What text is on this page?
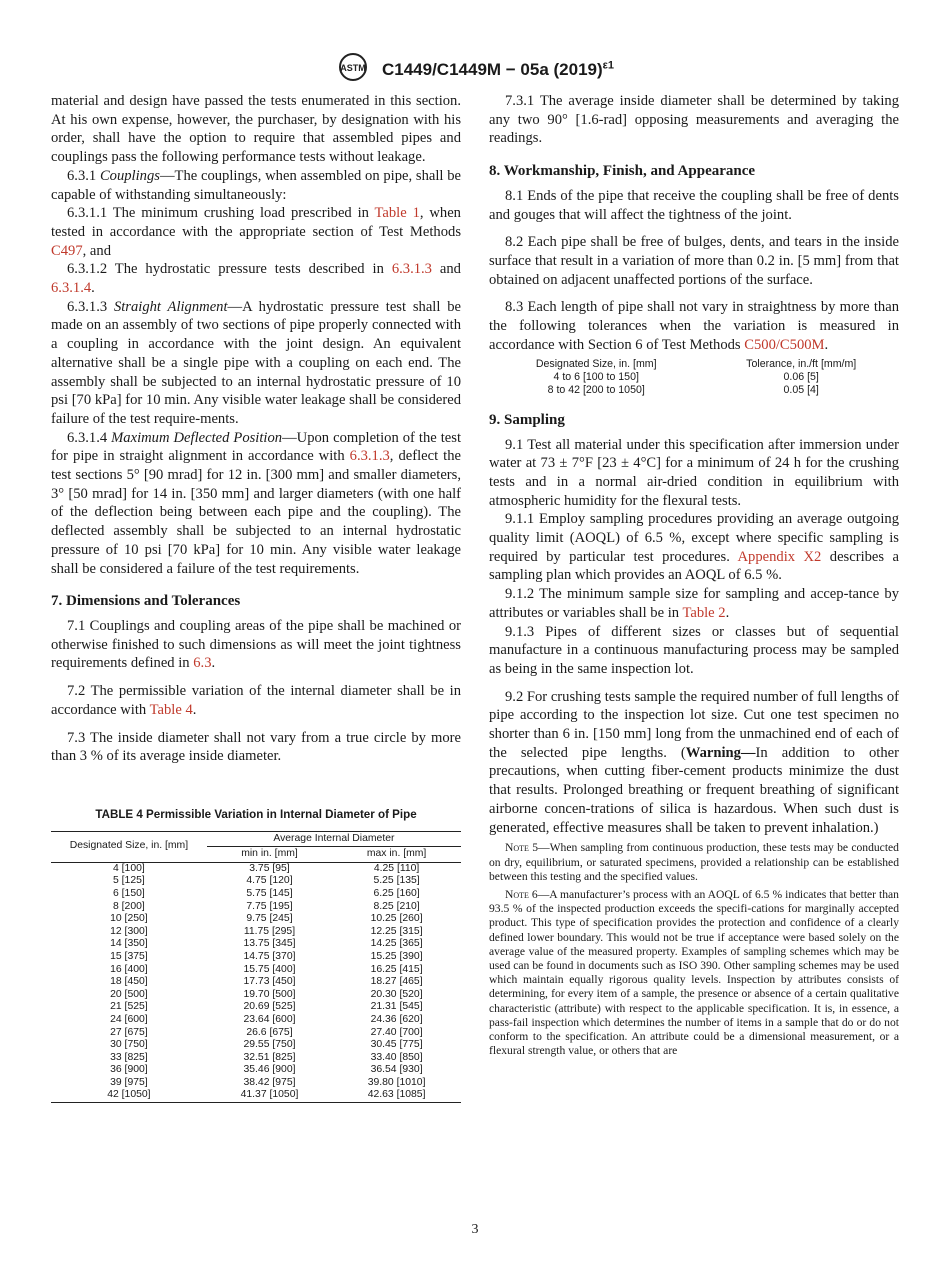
ASTM C1449/C1449M − 05a $(2019)^{\varepsilon 1}$

material and design have passed the tests enumerated in this section. At his own expense, however, the purchaser, by designation with his order, shall have the option to require that assembled pipes and couplings pass the following performance tests without leakage.

6.3.1 Couplings—The couplings, when assembled on pipe, shall be capable of withstanding simultaneously:

6.3.1.1 The minimum crushing load prescribed in Table 1, when tested in accordance with the appropriate section of Test Methods C497, and

6.3.1.2 The hydrostatic pressure tests described in 6.3.1.3 and 6.3.1.4.

6.3.1.3 Straight Alignment—A hydrostatic pressure test shall be made on an assembly of two sections of pipe properly connected with a coupling in accordance with the joint design. An equivalent alternative shall be a single pipe with a coupling on each end. The assembly shall be subjected to an internal hydrostatic pressure of 10 psi [70 kPa] for 10 min. Any visible water leakage shall be considered failure of the test require-ments.

6.3.1.4 Maximum Deflected Position—Upon completion of the test for pipe in straight alignment in accordance with 6.3.1.3, deflect the test sections 5° [90 mrad] for 12 in. [300 mm] and smaller diameters, 3° [50 mrad] for 14 in. [350 mm] and larger diameters (with one half of the deflection being between each pipe and the coupling). The deflected assembly shall be subjected to an internal hydrostatic pressure of 10 psi [70 kPa] for 10 min. Any visible water leakage shall be considered a failure of the test requirements.

7. Dimensions and Tolerances

7.1 Couplings and coupling areas of the pipe shall be machined or otherwise finished to such dimensions as will meet the joint tightness requirements defined in 6.3.

7.2 The permissible variation of the internal diameter shall be in accordance with Table 4.

7.3 The inside diameter shall not vary from a true circle by more than 3 % of its average inside diameter.

TABLE 4 Permissible Variation in Internal Diameter of Pipe

Designated Size, in. [mm]	Average Internal Diameter	
	min in. [mm]	max in. [mm]
4 [100]	3.75 [95]	4.25 [110]
5 [125]	4.75 [120]	5.25 [135]
6 [150]	5.75 [145]	6.25 [160]
8 [200]	7.75 [195]	8.25 [210]
10 [250]	9.75 [245]	10.25 [260]
12 [300]	11.75 [295]	12.25 [315]
14 [350]	13.75 [345]	14.25 [365]
15 [375]	14.75 [370]	15.25 [390]
16 [400]	15.75 [400]	16.25 [415]
18 [450]	17.73 [450]	18.27 [465]
20 [500]	19.70 [500]	20.30 [520]
21 [525]	20.69 [525]	21.31 [545]
24 [600]	23.64 [600]	24.36 [620]
27 [675]	26.6 [675]	27.40 [700]
30 [750]	29.55 [750]	30.45 [775]
33 [825]	32.51 [825]	33.40 [850]
36 [900]	35.46 [900]	36.54 [930]
39 [975]	38.42 [975]	39.80 [1010]
42 [1050]	41.37 [1050]	42.63 [1085]

7.3.1 The average inside diameter shall be determined by taking any two 90° [1.6-rad] opposing measurements and averaging the readings.

8. Workmanship, Finish, and Appearance

8.1 Ends of the pipe that receive the coupling shall be free of dents and gouges that will affect the tightness of the joint.

8.2 Each pipe shall be free of bulges, dents, and tears in the inside surface that result in a variation of more than 0.2 in. [5 mm] from that obtained on adjacent unaffected portions of the surface.

8.3 Each length of pipe shall not vary in straightness by more than the following tolerances when the variation is measured in accordance with Section 6 of Test Methods C500/C500M.

Designated Size, in. [mm]	Tolerance, in./ft [mm/m]
4 to 6 [100 to 150]	0.06 [5]
8 to 42 [200 to 1050]	0.05 [4]

9. Sampling

9.1 Test all material under this specification after immersion under water at 73 ± 7°F [23 ± 4°C] for a minimum of 24 h for the crushing tests and in a normal air-dried condition in equilibrium with atmospheric humidity for the flexural tests.

9.1.1 Employ sampling procedures providing an average outgoing quality limit (AOQL) of 6.5 %, except where specific sampling is required by particular test procedures. Appendix X2 describes a sampling plan which provides an AOQL of 6.5 %.

9.1.2 The minimum sample size for sampling and accep-tance by attributes or variables shall be in Table 2.

9.1.3 Pipes of different sizes or classes but of sequential manufacture in a continuous manufacturing process may be sampled as being in the same inspection lot.

9.2 For crushing tests sample the required number of full lengths of pipe according to the inspection lot size. Cut one test specimen no shorter than 6 in. [150 mm] long from the unmachined end of each of the selected pipe lengths. (Warning—In addition to other precautions, when cutting fiber-cement products minimize the dust that results. Prolonged breathing or frequent breathing of significant airborne concen-trations of silica is hazardous. When such dust is generated, effective measures shall be taken to prevent inhalation.)

Note 5—When sampling from continuous production, these tests may be conducted on dry, equilibrium, or saturated specimens, provided a relationship can be established between this testing and the specified values.

Note 6—A manufacturer’s process with an AOQL of 6.5 % indicates that better than 93.5 % of the inspected production exceeds the specifi-cations for marginally accepted product. This type of specification provides the protection and confidence of a clearly defined lower boundary. This would not be true if acceptance were based solely on the average value of the measured property. Examples of sampling schemes which may be used can be found in documents such as ISO 390. Other sampling schemes may be used which maintain equally rigorous quality levels. Inspection by attributes consists of determining, for every item of a sample, the presence or absence of a certain qualitative characteristic (attribute) with respect to the applicable specification. It is, in essence, a pass-fail inspection which determines the number of items in a sample that do or do not conform to the specification. An attribute could be a dimensional measurement, or a flexural strength value, or others that are

3
